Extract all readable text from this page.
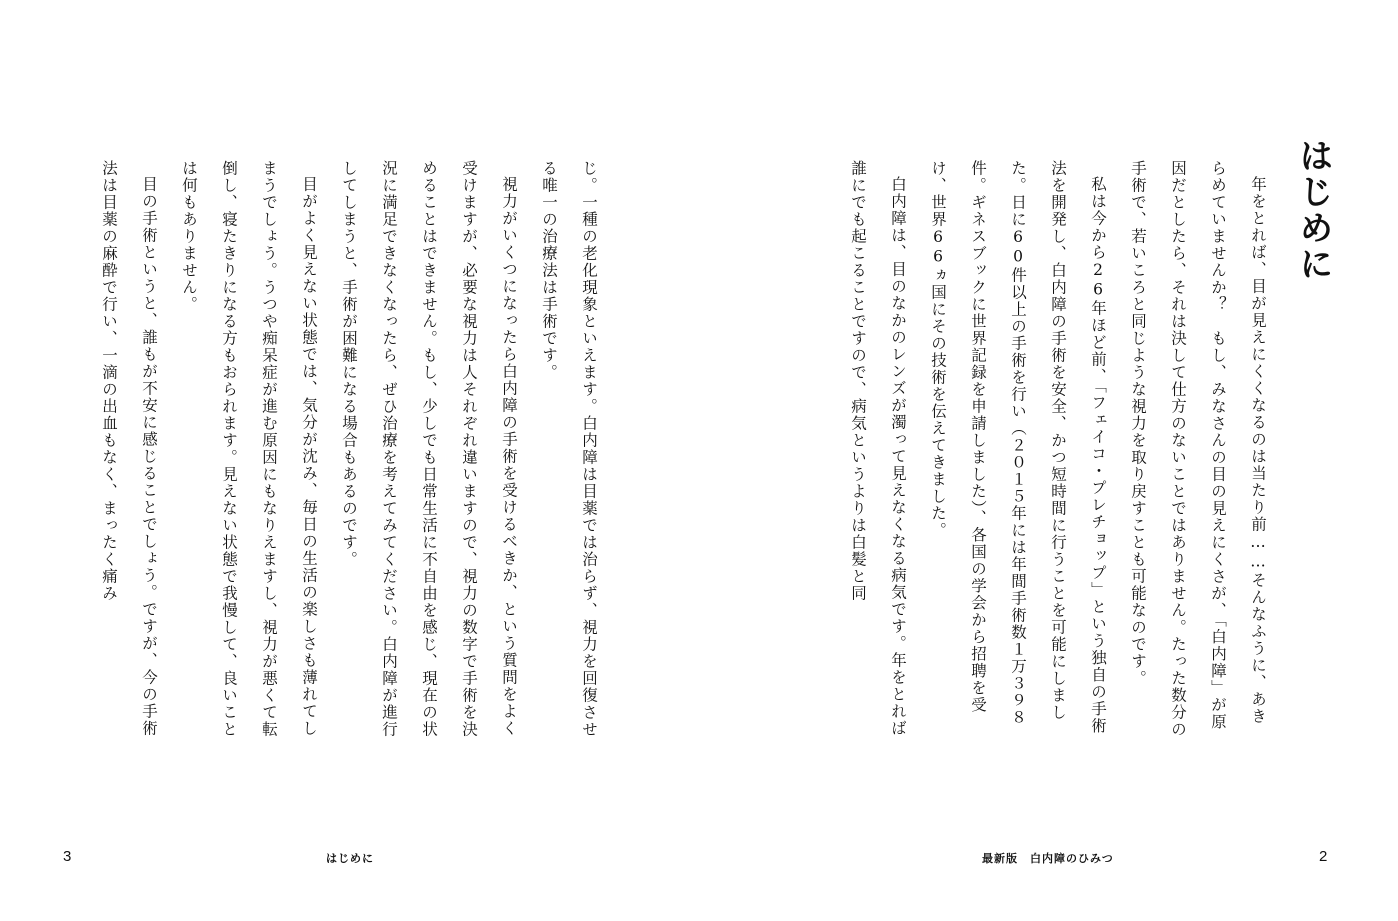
じ。一種の老化現象といえます。白内障は目薬では治らず、視力を回復させる唯一の治療法は手術です。

視力がいくつになったら白内障の手術を受けるべきか、という質問をよく受けますが、必要な視力は人それぞれ違いますので、視力の数字で手術を決めることはできません。もし、少しでも日常生活に不自由を感じ、現在の状況に満足できなくなったら、ぜひ治療を考えてみてください。白内障が進行してしまうと、手術が困難になる場合もあるのです。

目がよく見えない状態では、気分が沈み、毎日の生活の楽しさも薄れてしまうでしょう。うつや痴呆症が進む原因にもなりえますし、視力が悪くて転倒し、寝たきりになる方もおられます。見えない状態で我慢して、良いことは何もありません。

目の手術というと、誰もが不安に感じることでしょう。ですが、今の手術法は目薬の麻酔で行い、一滴の出血もなく、まったく痛み

3	はじめに
はじめに

年をとれば、目が見えにくくなるのは当たり前……そんなふうに、あきらめていませんか？　もし、みなさんの目の見えにくさが、「白内障」が原因だとしたら、それは決して仕方のないことではありません。たった数分の手術で、若いころと同じような視力を取り戻すことも可能なのです。

私は今から26年ほど前、「フェイコ・プレチョップ」という独自の手術法を開発し、白内障の手術を安全、かつ短時間に行うことを可能にしました。日に60件以上の手術を行い（２０１５年には年間手術数１万３９８件。ギネスブックに世界記録を申請しました）、各国の学会から招聘を受け、世界66ヵ国にその技術を伝えてきました。

白内障は、目のなかのレンズが濁って見えなくなる病気です。年をとれば誰にでも起こることですので、病気というよりは白髪と同

最新版　白内障のひみつ	2
